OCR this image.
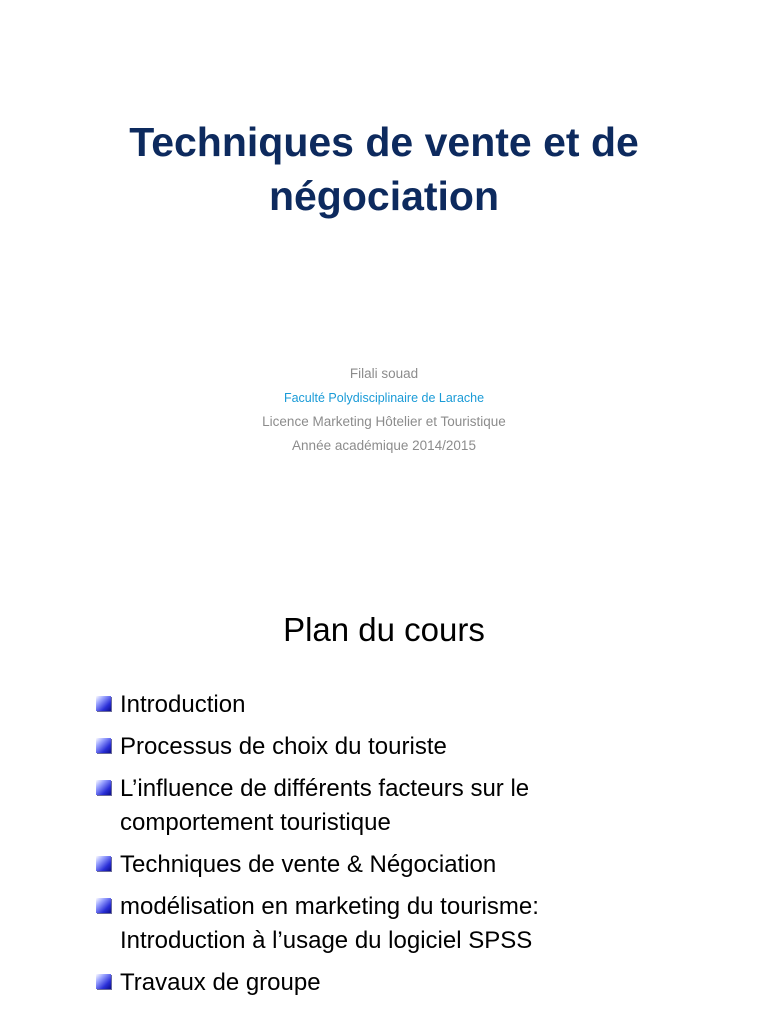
Techniques de vente et de
négociation
Filali souad
Faculté Polydisciplinaire de Larache
Licence Marketing Hôtelier et Touristique
Année académique 2014/2015
Plan du cours
Introduction
Processus de choix du touriste
L’influence de différents facteurs sur le
comportement touristique
Techniques de vente & Négociation
modélisation en marketing du tourisme:
Introduction à l’usage du logiciel SPSS
Travaux de groupe
